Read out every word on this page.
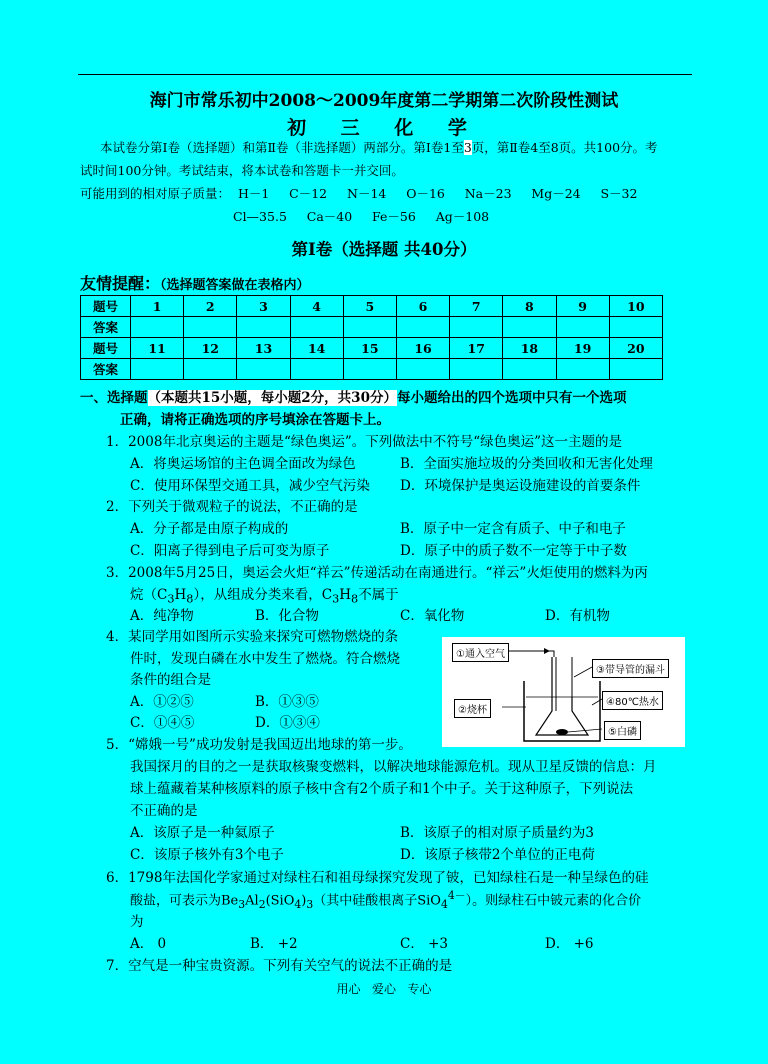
海门市常乐初中2008～2009年度第二学期第二次阶段性测试
初 三 化 学
本试卷分第Ⅰ卷（选择题）和第Ⅱ卷（非选择题）两部分。第Ⅰ卷1至3页，第Ⅱ卷4至8页。共100分。考
试时间100分钟。考试结束，将本试卷和答题卡一并交回。
可能用到的相对原子质量：  H－1     C－12     N－14     O－16     Na－23     Mg－24     S－32
Cl—35.5     Ca－40     Fe－56     Ag－108
第Ⅰ卷（选择题 共40分）
友情提醒：（选择题答案做在表格内）
题号	1	2	3	4	5	6	7	8	9	10
答案										
题号	11	12	13	14	15	16	17	18	19	20
答案										
一、选择题（本题共15小题，每小题2分，共30分）每小题给出的四个选项中只有一个选项
正确，请将正确选项的序号填涂在答题卡上。
1．2008年北京奥运的主题是“绿色奥运”。下列做法中不符号“绿色奥运”这一主题的是
A．将奥运场馆的主色调全面改为绿色	B．全面实施垃圾的分类回收和无害化处理
C．使用环保型交通工具，减少空气污染 D．环境保护是奥运设施建设的首要条件
2．下列关于微观粒子的说法，不正确的是
A．分子都是由原子构成的	B．原子中一定含有质子、中子和电子
C．阳离子得到电子后可变为原子	D．原子中的质子数不一定等于中子数
3．2008年5月25日，奥运会火炬“祥云”传递活动在南通进行。“祥云”火炬使用的燃料为丙
烷$(C_3H_8)$，从组成分类来看，$C_3H_8$不属于
A．纯净物	B．化合物	C．氧化物	D．有机物
4．某同学用如图所示实验来探究可燃物燃烧的条
件时，发现白磷在水中发生了燃烧。符合燃烧
条件的组合是
A．①②⑤	B．①③⑤
C．①④⑤	D．①③④
①通入空气
②烧杯
③带导管的漏斗
④80℃热水
⑤白磷
5．“嫦娥一号”成功发射是我国迈出地球的第一步。
我国探月的目的之一是获取核聚变燃料，以解决地球能源危机。现从卫星反馈的信息：月
球上蕴藏着某种核原料的原子核中含有2个质子和1个中子。关于这种原子，下列说法
不正确的是
A．该原子是一种氦原子	B．该原子的相对原子质量约为3
C．该原子核外有3个电子	D．该原子核带2个单位的正电荷
6．1798年法国化学家通过对绿柱石和祖母绿探究发现了铍，已知绿柱石是一种呈绿色的硅
酸盐，可表示为$Be_3Al_2(SiO_4)_3$（其中硅酸根离子SiO$_4^{4-}$）。则绿柱石中铍元素的化合价
为
A． 0	B． +2	C． +3	D． +6
7．空气是一种宝贵资源。下列有关空气的说法不正确的是
用心   爱心   专心
